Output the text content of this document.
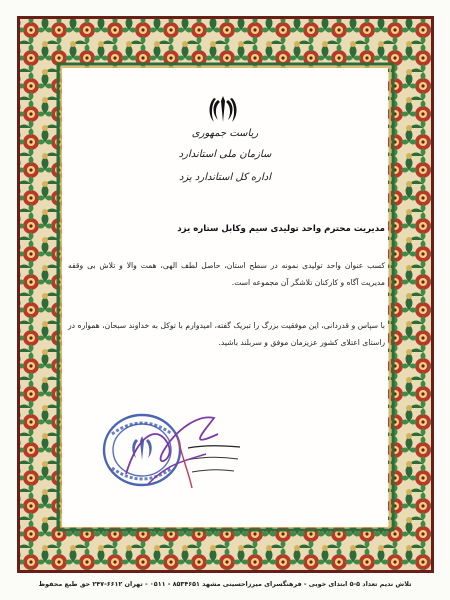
ریاست جمهوری
سازمان ملی استاندارد
اداره کل استاندارد یزد
مدیریت محترم واحد تولیدی سیم وکابل ستاره یزد
کسب عنوان واحد تولیدی نمونه در سطح استان، حاصل لطف الهی، همت والا و تلاش بی وقفه مدیریت آگاه و کارکنان تلاشگر آن مجموعه است.
با سپاس و قدردانی، این موفقیت بزرگ را تبریک گفته، امیدوارم با توکل به خداوند سبحان، همواره در راستای اعتلای کشور عزیزمان موفق و سربلند باشید.
تلاش ندیم تعداد ۵-۵ ابتدای خوبی - فرهنگسرای میرزاحسینی مشهد ۸۵۳۴۶۵۱ - ۰۵۱۱ - تهران ۶۶۱۲-۲۴۷ حق طبع محفوظ
